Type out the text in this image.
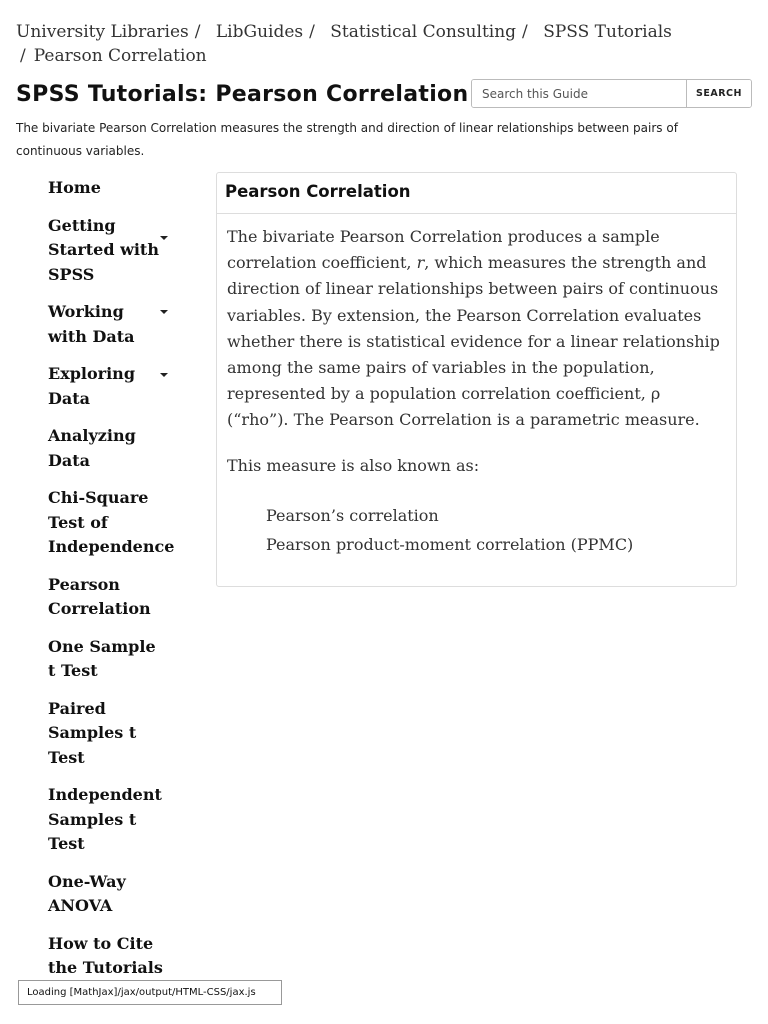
University Libraries / LibGuides / Statistical Consulting / SPSS Tutorials
/ Pearson Correlation
SPSS Tutorials: Pearson Correlation
Search this Guide	SEARCH
The bivariate Pearson Correlation measures the strength and direction of linear relationships between pairs of continuous variables.
Home
Getting Started with SPSS
Working with Data
Exploring Data
Analyzing Data
Chi-Square Test of Independence
Pearson Correlation
One Sample t Test
Paired Samples t Test
Independent Samples t Test
One-Way ANOVA
How to Cite the Tutorials
Pearson Correlation

The bivariate Pearson Correlation produces a sample correlation coefficient, r, which measures the strength and direction of linear relationships between pairs of continuous variables. By extension, the Pearson Correlation evaluates whether there is statistical evidence for a linear relationship among the same pairs of variables in the population, represented by a population correlation coefficient, ρ (“rho”). The Pearson Correlation is a parametric measure.

This measure is also known as:

Pearson’s correlation
Pearson product-moment correlation (PPMC)
Loading [MathJax]/jax/output/HTML-CSS/jax.js
